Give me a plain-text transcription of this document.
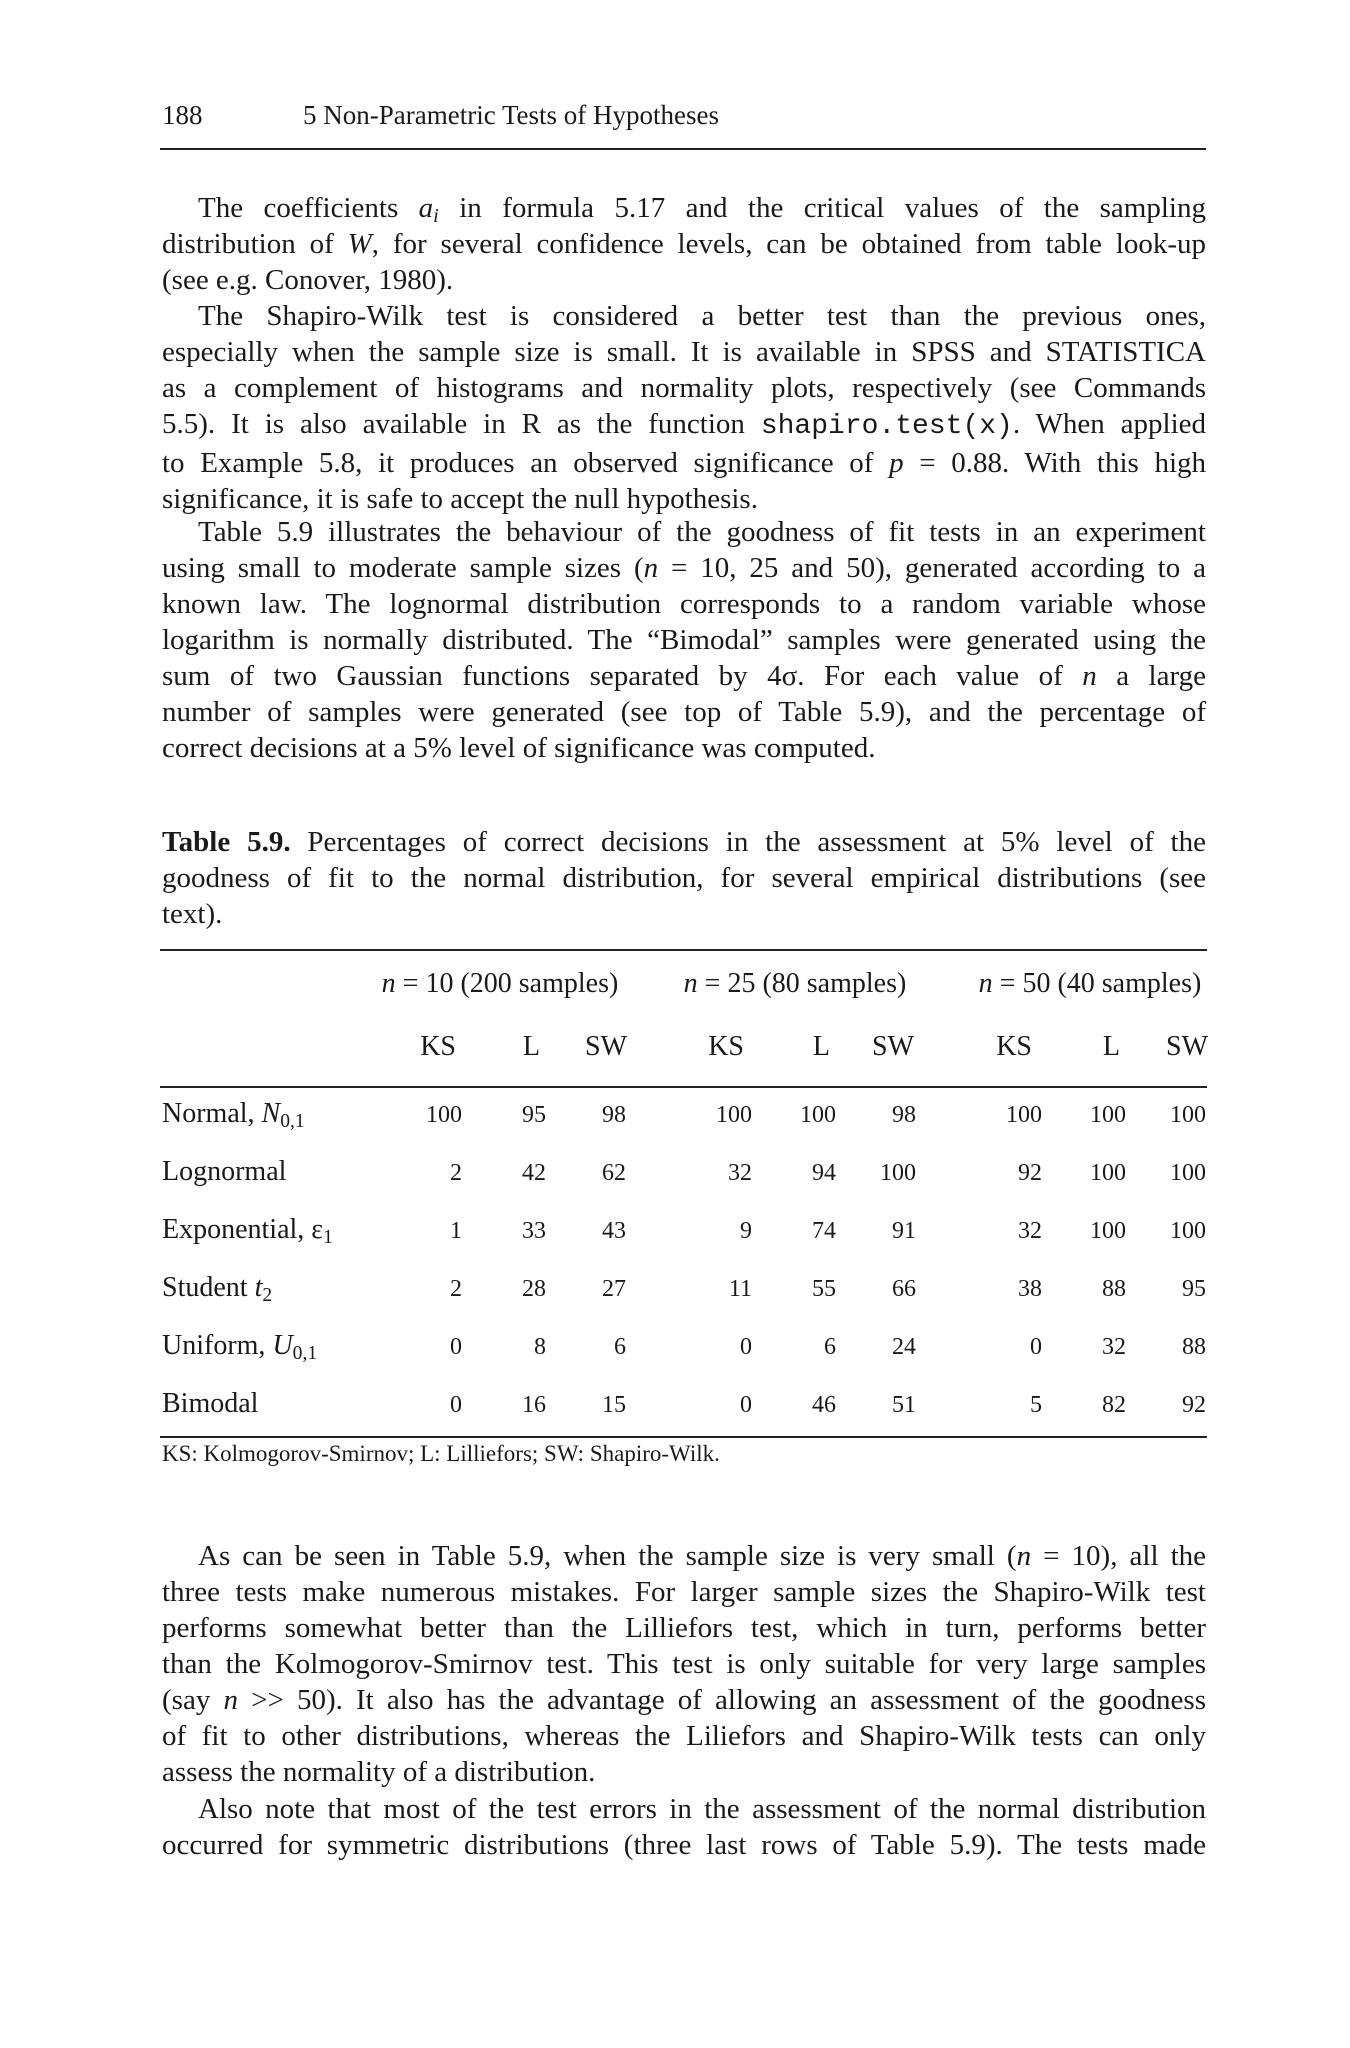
188	5 Non-Parametric Tests of Hypotheses
The coefficients $a_i$ in formula 5.17 and the critical values of the sampling
distribution of W, for several confidence levels, can be obtained from table look-up
(see e.g. Conover, 1980).
The Shapiro-Wilk test is considered a better test than the previous ones,
especially when the sample size is small. It is available in SPSS and STATISTICA
as a complement of histograms and normality plots, respectively (see Commands
5.5). It is also available in R as the function shapiro.test(x). When applied
to Example 5.8, it produces an observed significance of p = 0.88. With this high
significance, it is safe to accept the null hypothesis.
Table 5.9 illustrates the behaviour of the goodness of fit tests in an experiment
using small to moderate sample sizes (n = 10, 25 and 50), generated according to a
known law. The lognormal distribution corresponds to a random variable whose
logarithm is normally distributed. The “Bimodal” samples were generated using the
sum of two Gaussian functions separated by 4σ. For each value of n a large
number of samples were generated (see top of Table 5.9), and the percentage of
correct decisions at a 5% level of significance was computed.
Table 5.9. Percentages of correct decisions in the assessment at 5% level of the
goodness of fit to the normal distribution, for several empirical distributions (see
text).
n = 10 (200 samples)	n = 25 (80 samples)	n = 50 (40 samples)
KS	L	SW	KS	L	SW	KS	L	SW
Normal, $N_{0,1}$	100	95	98	100	100	98	100	100	100
Lognormal	2	42	62	32	94	100	92	100	100
Exponential, $\varepsilon_1$	1	33	43	9	74	91	32	100	100
Student $t_2$	2	28	27	11	55	66	38	88	95
Uniform, $U_{0,1}$	0	8	6	0	6	24	0	32	88
Bimodal	0	16	15	0	46	51	5	82	92
KS: Kolmogorov-Smirnov; L: Lilliefors; SW: Shapiro-Wilk.
As can be seen in Table 5.9, when the sample size is very small (n = 10), all the
three tests make numerous mistakes. For larger sample sizes the Shapiro-Wilk test
performs somewhat better than the Lilliefors test, which in turn, performs better
than the Kolmogorov-Smirnov test. This test is only suitable for very large samples
(say n >> 50). It also has the advantage of allowing an assessment of the goodness
of fit to other distributions, whereas the Liliefors and Shapiro-Wilk tests can only
assess the normality of a distribution.
Also note that most of the test errors in the assessment of the normal distribution
occurred for symmetric distributions (three last rows of Table 5.9). The tests made
